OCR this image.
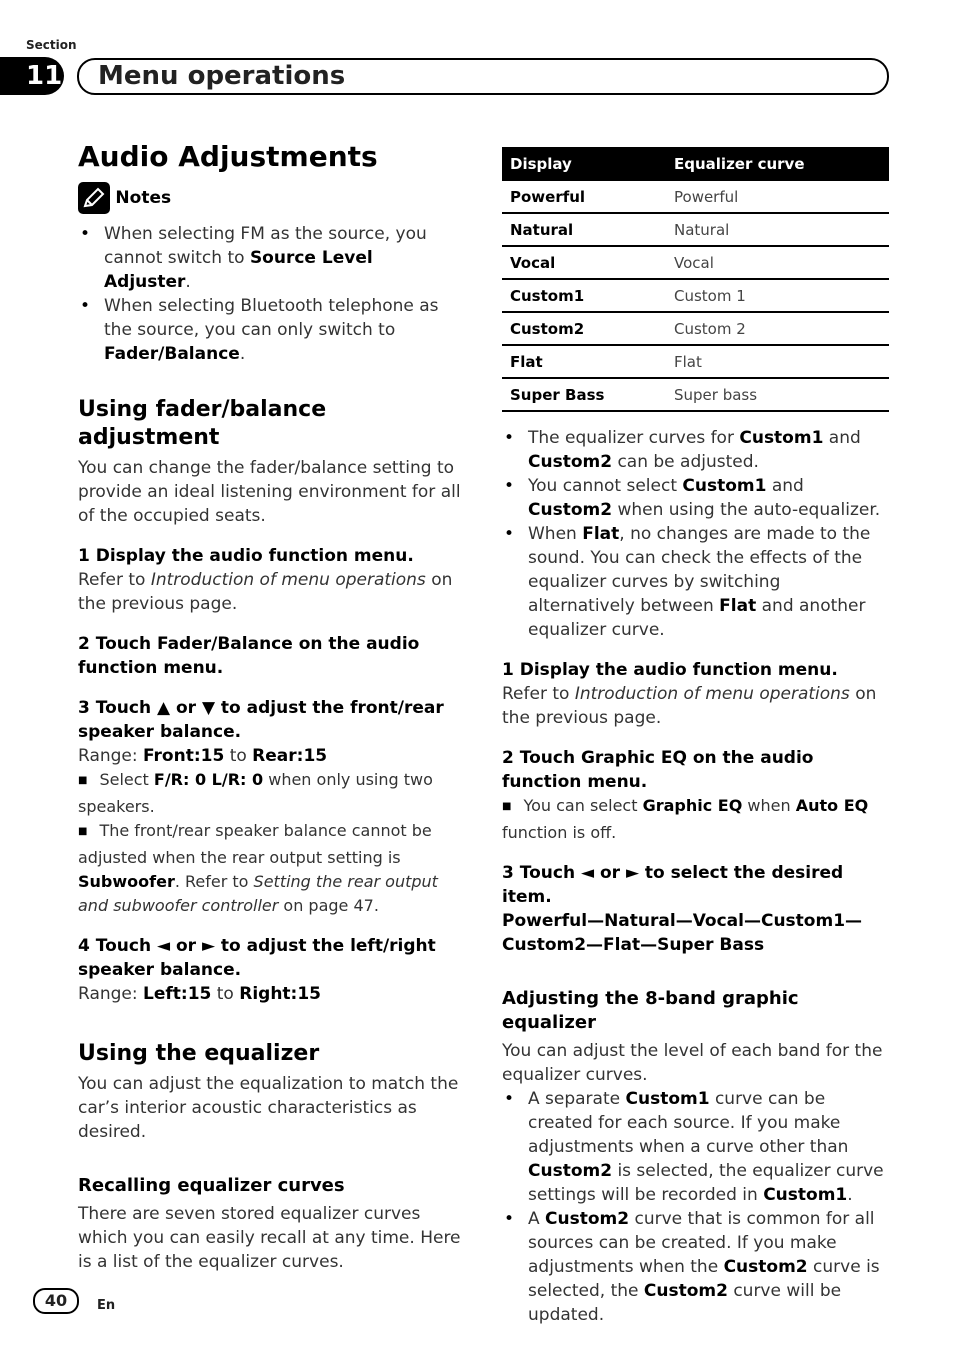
Section
11 Menu operations
Audio Adjustments
Notes
• When selecting FM as the source, you cannot switch to Source Level Adjuster.
• When selecting Bluetooth telephone as the source, you can only switch to Fader/Balance.
Using fader/balance adjustment

You can change the fader/balance setting to provide an ideal listening environment for all of the occupied seats.

1 Display the audio function menu.

Refer to Introduction of menu operations on the previous page.

2 Touch Fader/Balance on the audio function menu.

3 Touch ▲ or ▼ to adjust the front/rear speaker balance.

Range: Front:15 to Rear:15

■ Select F/R: 0 L/R: 0 when only using two speakers.

■ The front/rear speaker balance cannot be adjusted when the rear output setting is Subwoofer. Refer to Setting the rear output and subwoofer controller on page 47.

4 Touch ◄ or ► to adjust the left/right speaker balance.

Range: Left:15 to Right:15

Using the equalizer

You can adjust the equalization to match the car’s interior acoustic characteristics as desired.

Recalling equalizer curves

There are seven stored equalizer curves which you can easily recall at any time. Here is a list of the equalizer curves.

Display	Equalizer curve
Powerful	Powerful
Natural	Natural
Vocal	Vocal
Custom1	Custom 1
Custom2	Custom 2
Flat	Flat
Super Bass	Super bass
• The equalizer curves for Custom1 and Custom2 can be adjusted.
• You cannot select Custom1 and Custom2 when using the auto-equalizer.
• When Flat, no changes are made to the sound. You can check the effects of the equalizer curves by switching alternatively between Flat and another equalizer curve.

1 Display the audio function menu.

Refer to Introduction of menu operations on the previous page.

2 Touch Graphic EQ on the audio function menu.

■ You can select Graphic EQ when Auto EQ function is off.

3 Touch ◄ or ► to select the desired item.

Powerful—Natural—Vocal—Custom1—Custom2—Flat—Super Bass

Adjusting the 8-band graphic equalizer

You can adjust the level of each band for the equalizer curves.

• A separate Custom1 curve can be created for each source. If you make adjustments when a curve other than Custom2 is selected, the equalizer curve settings will be recorded in Custom1.
• A Custom2 curve that is common for all sources can be created. If you make adjustments when the Custom2 curve is selected, the Custom2 curve will be updated.
40	En
